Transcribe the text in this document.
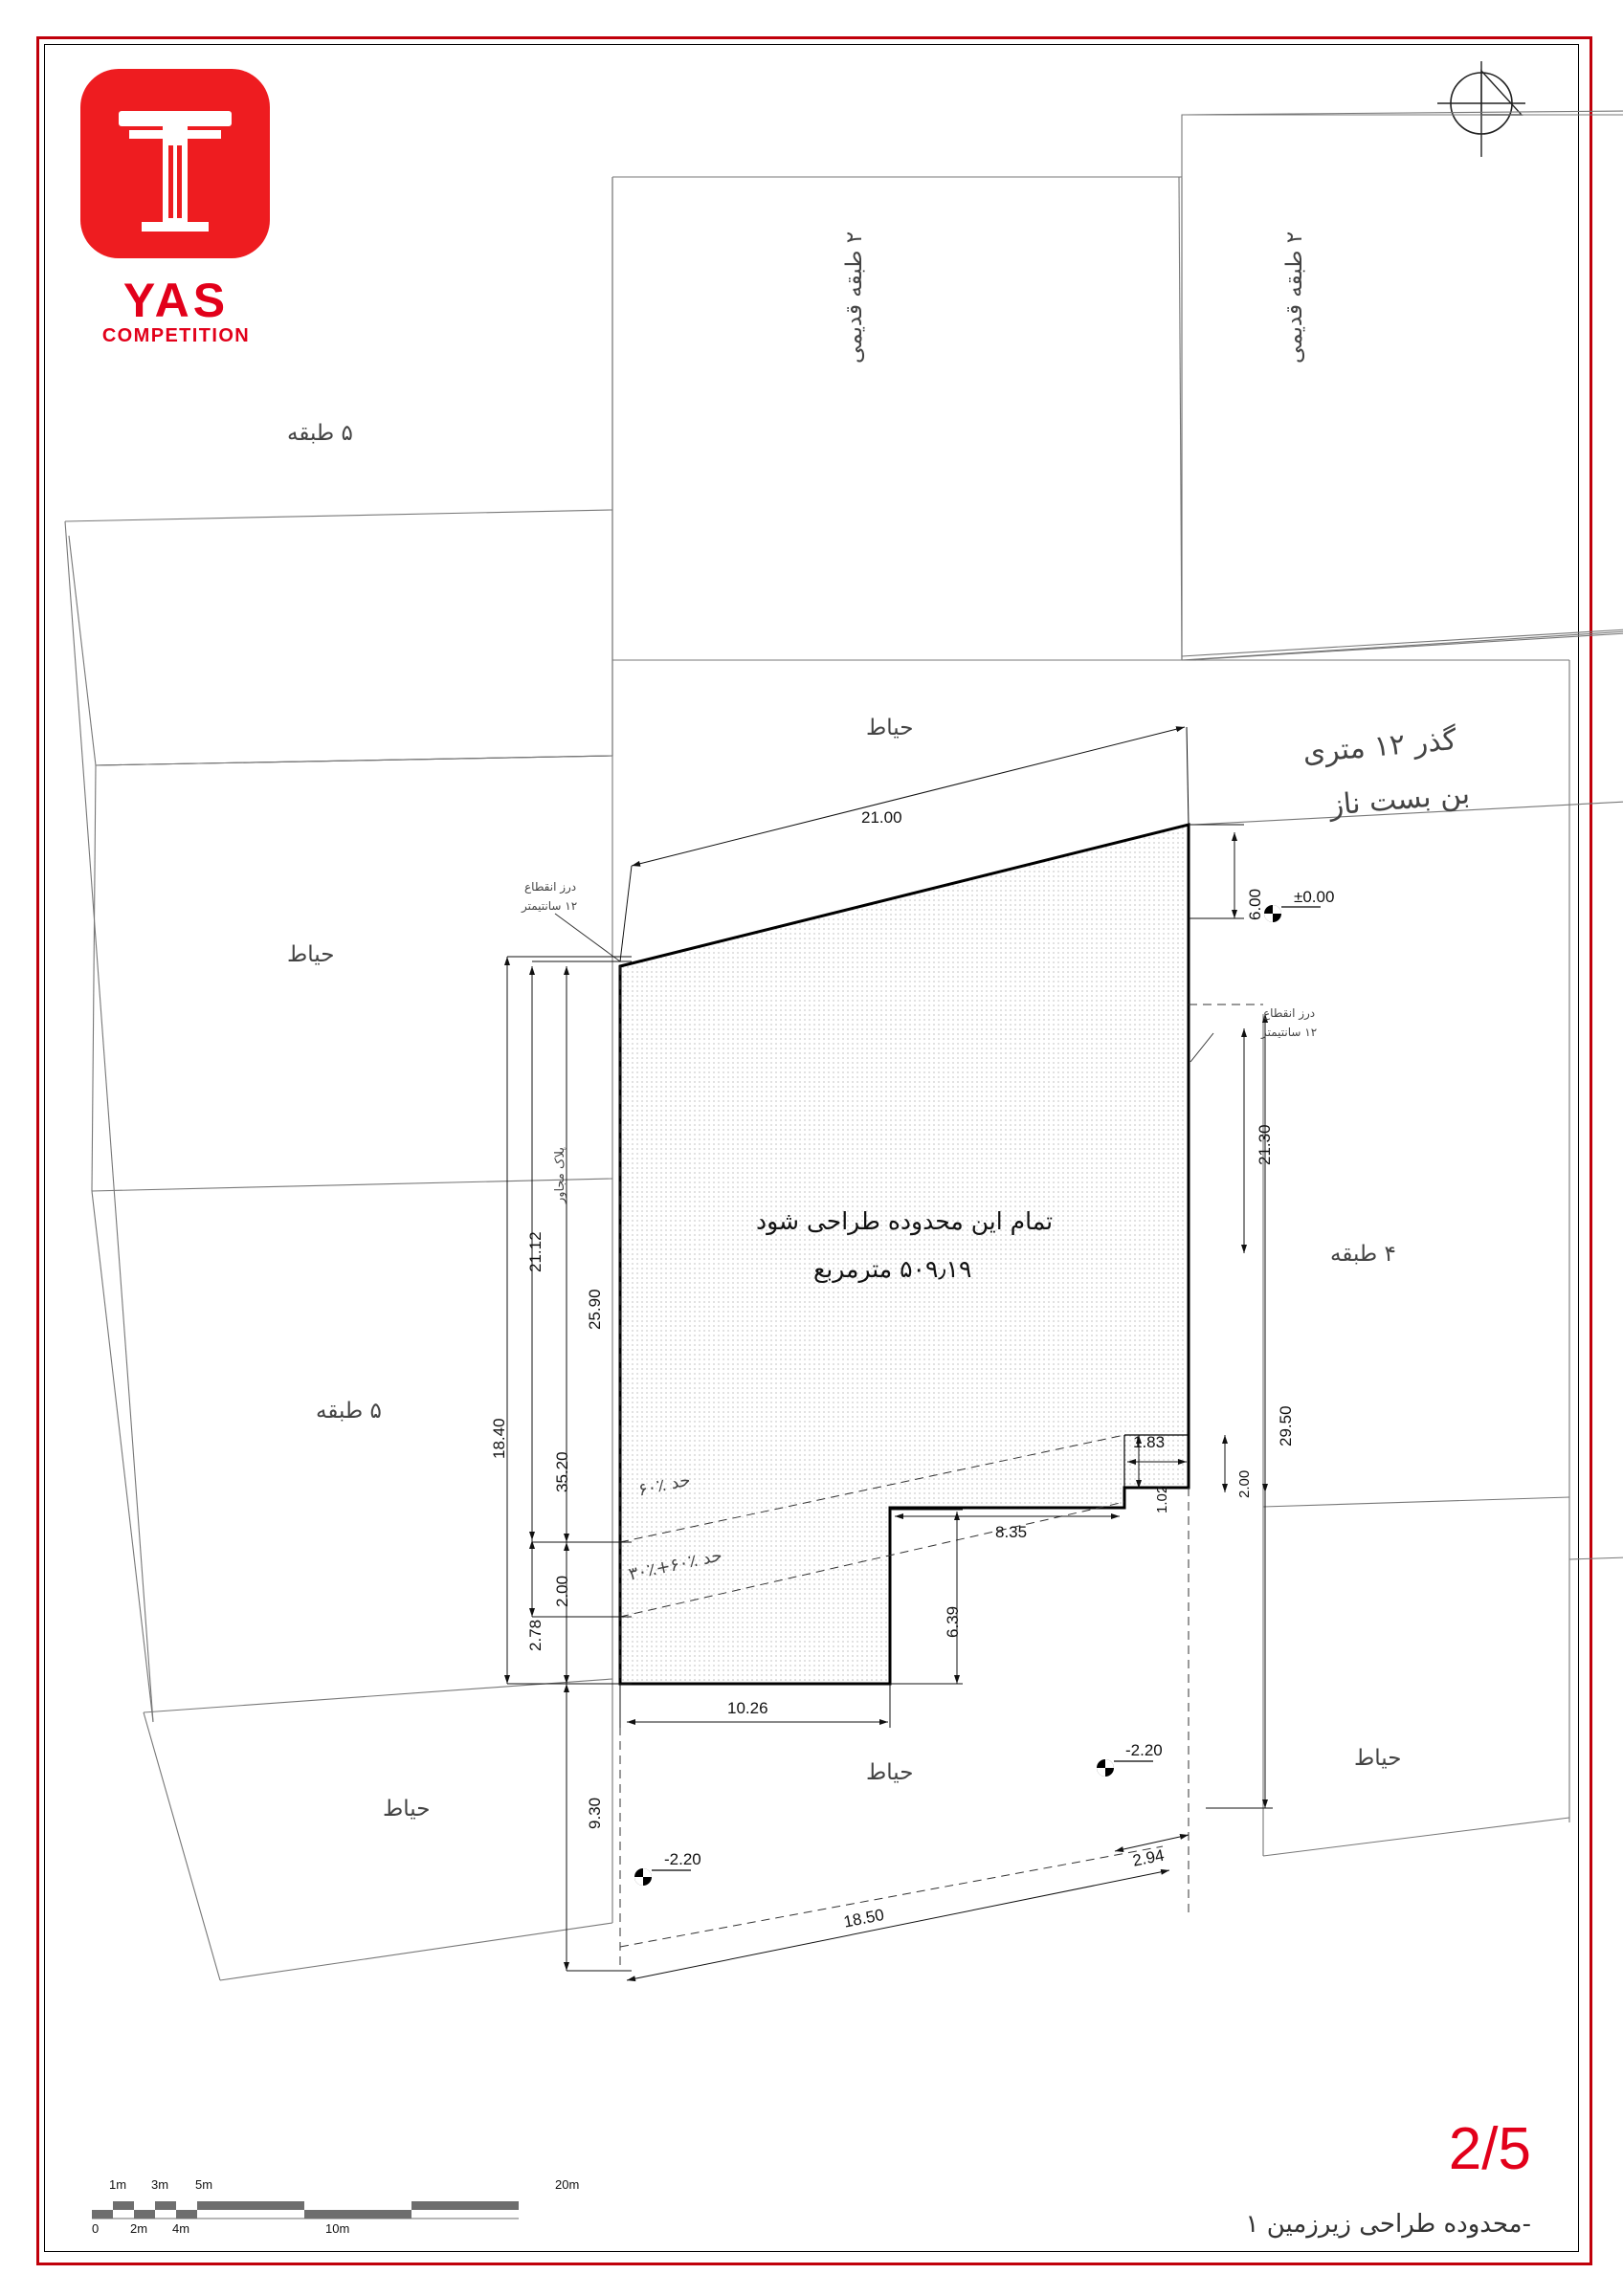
YAS
COMPETITION
۵ طبقه
۲ طبقه قدیمی
۲ طبقه قدیمی
حیاط
حیاط
۵ طبقه
حیاط
حیاط
۴ طبقه
حیاط
گذر ۱۲ متری
بن بست ناز
تمام این محدوده طراحی شود
۵۰۹٫۱۹ مترمربع
درز انقطاع
۱۲ سانتیمتر
درز انقطاع
۱۲ سانتیمتر
حد ٪۶۰
حد ٪۶۰+٪۳۰
پلاک مجاور
±0.00
-2.20
-2.20
21.00
8.35
10.26
18.50
2.94
1.83
21.12
25.90
18.40
35.20
2.00
2.78
9.30
6.39
1.02
6.00
21.30
29.50
2.00
2/5
محدوده طراحی زیرزمین ۱-
1m 3m 5m	20m
0	2m 4m	10m
